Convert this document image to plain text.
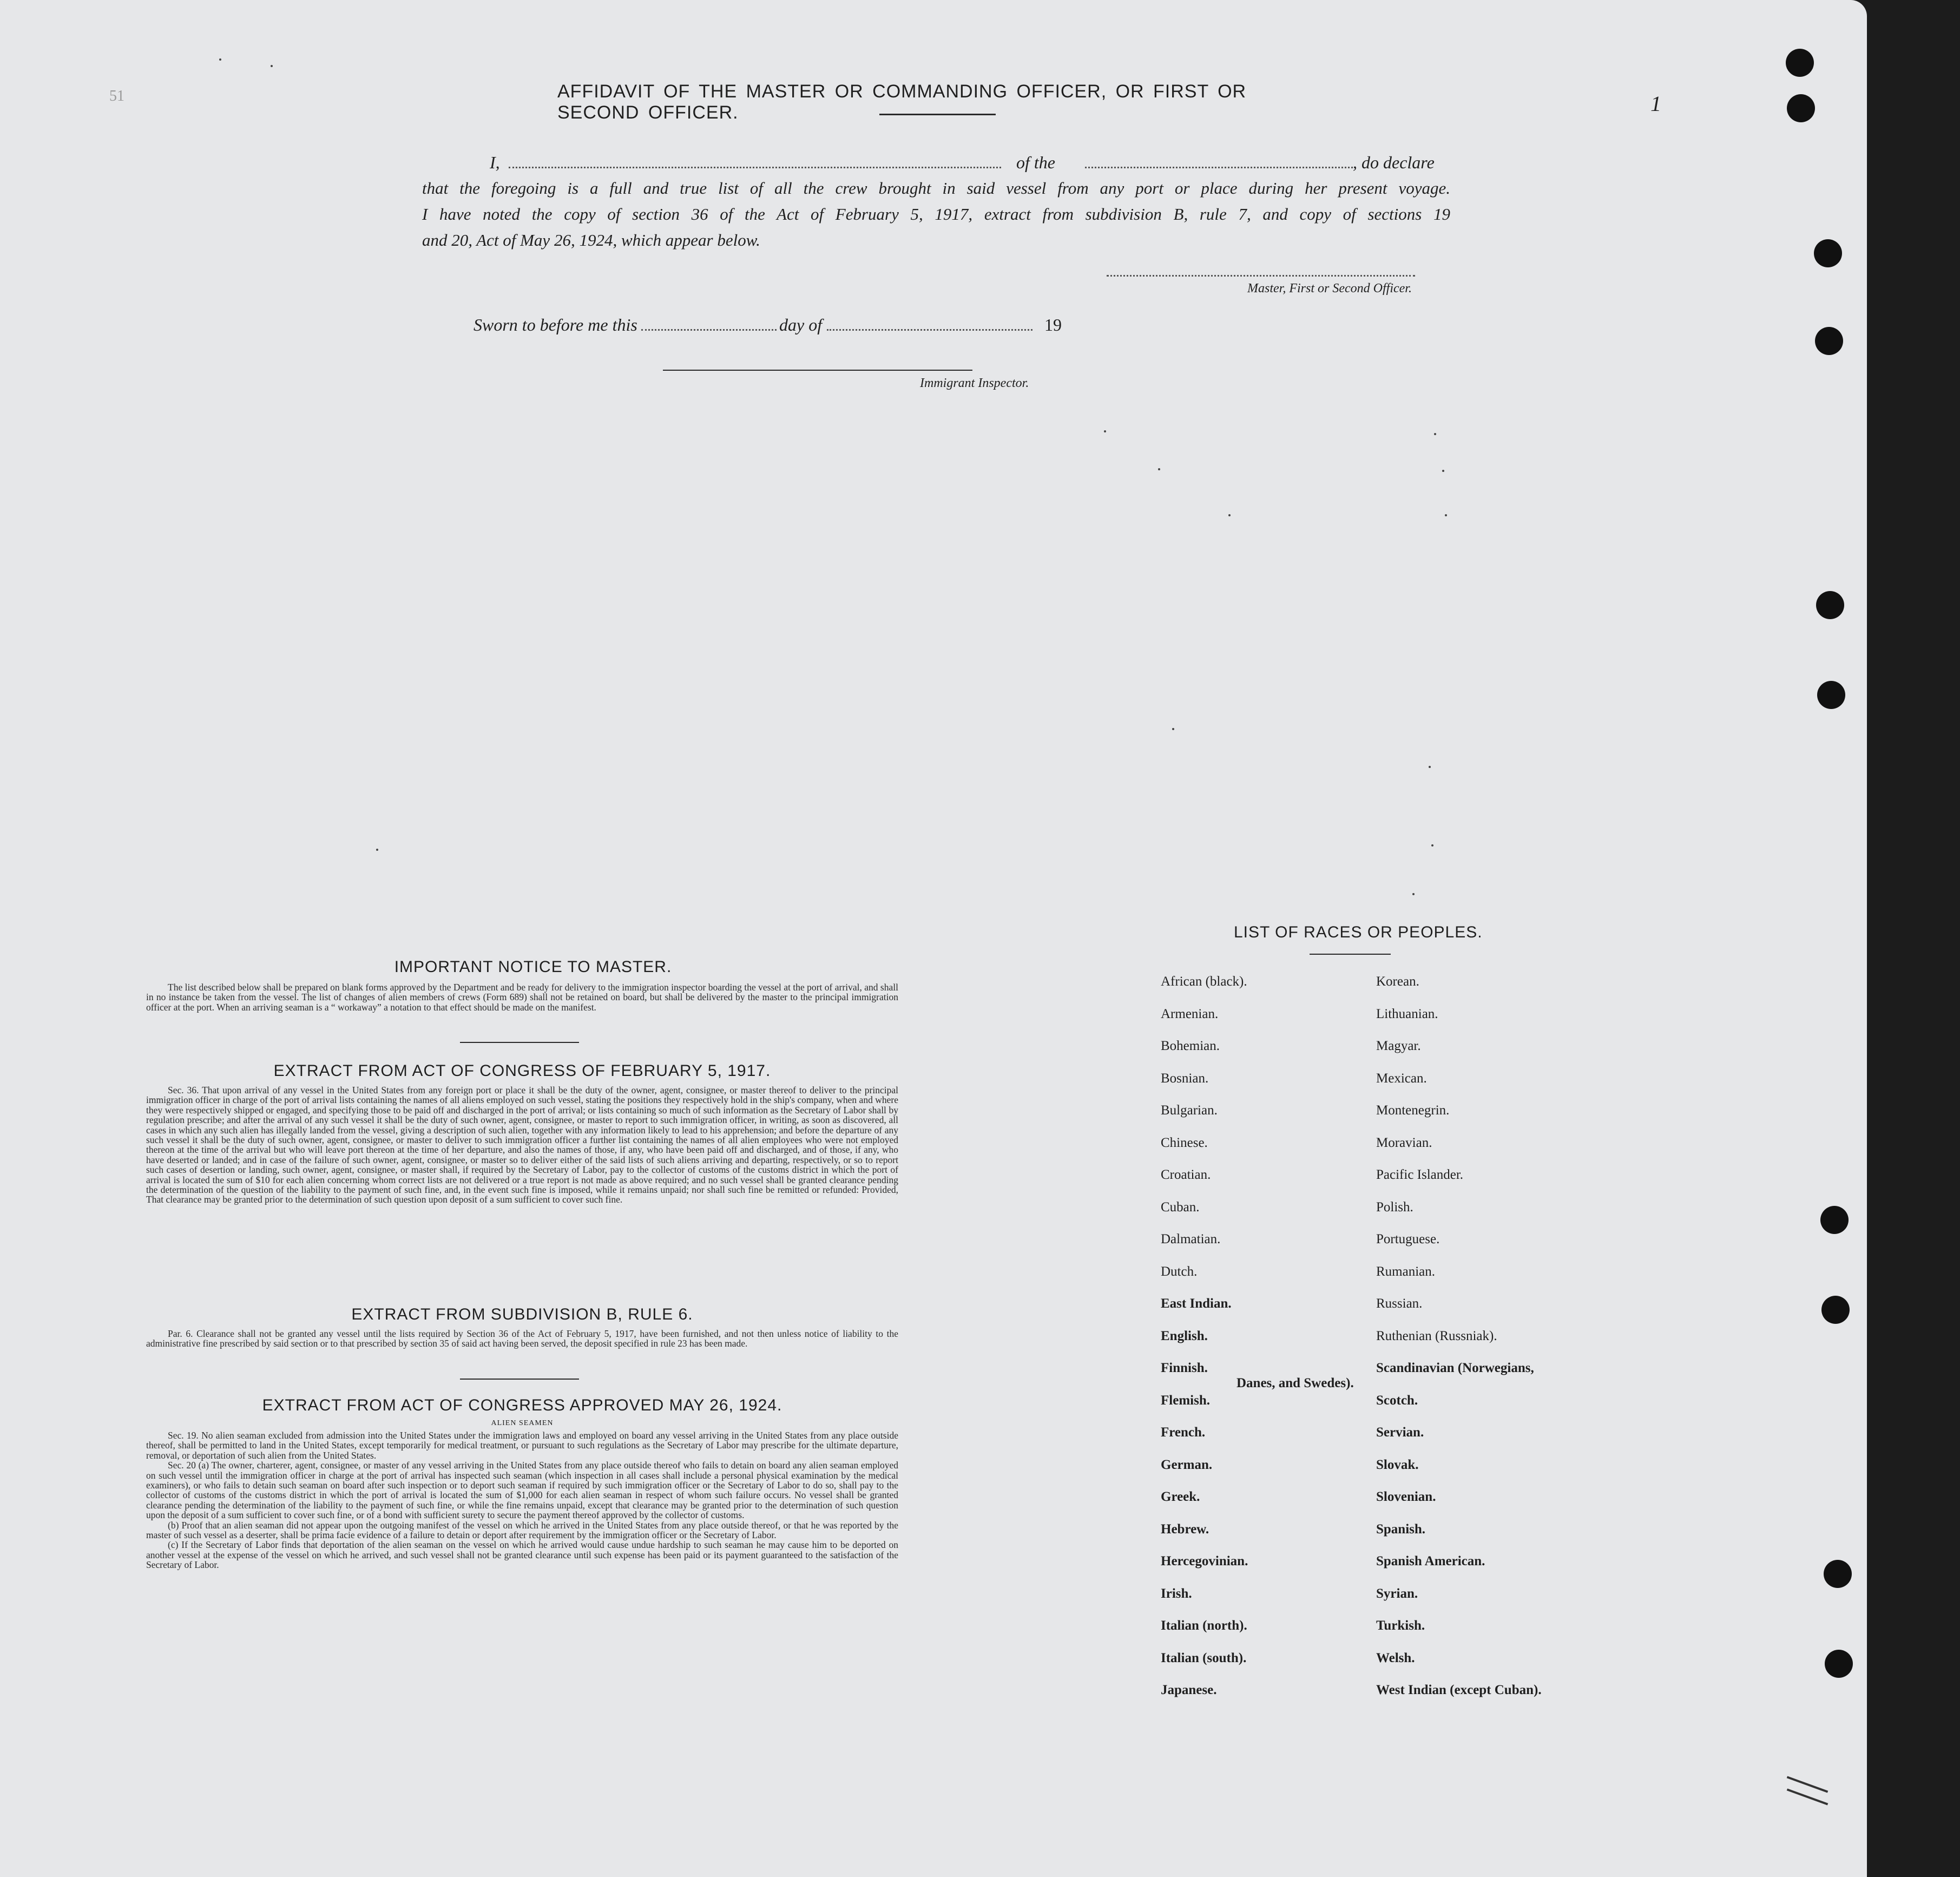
51	1
AFFIDAVIT OF THE MASTER OR COMMANDING OFFICER, OR FIRST OR SECOND OFFICER.
I,	of the	, do declare
that the foregoing is a full and true list of all the crew brought in said vessel from any port or place during her present voyage.
I have noted the copy of section 36 of the Act of February 5, 1917, extract from subdivision B, rule 7, and copy of sections 19
and 20, Act of May 26, 1924, which appear below.
Master, First or Second Officer.
Sworn to before me this	day of	19
Immigrant Inspector.
IMPORTANT NOTICE TO MASTER.

The list described below shall be prepared on blank forms approved by the Department and be ready for delivery to the immigration inspector boarding the vessel at the port of arrival, and shall in no instance be taken from the vessel. The list of changes of alien members of crews (Form 689) shall not be retained on board, but shall be delivered by the master to the principal immigration officer at the port. When an arriving seaman is a “ workaway” a notation to that effect should be made on the manifest.

EXTRACT FROM ACT OF CONGRESS OF FEBRUARY 5, 1917.

Sec. 36. That upon arrival of any vessel in the United States from any foreign port or place it shall be the duty of the owner, agent, consignee, or master thereof to deliver to the principal immigration officer in charge of the port of arrival lists containing the names of all aliens employed on such vessel, stating the positions they respectively hold in the ship's company, when and where they were respectively shipped or engaged, and specifying those to be paid off and discharged in the port of arrival; or lists containing so much of such information as the Secretary of Labor shall by regulation prescribe; and after the arrival of any such vessel it shall be the duty of such owner, agent, consignee, or master to report to such immigration officer, in writing, as soon as discovered, all cases in which any such alien has illegally landed from the vessel, giving a description of such alien, together with any information likely to lead to his apprehension; and before the departure of any such vessel it shall be the duty of such owner, agent, consignee, or master to deliver to such immigration officer a further list containing the names of all alien employees who were not employed thereon at the time of the arrival but who will leave port thereon at the time of her departure, and also the names of those, if any, who have been paid off and discharged, and of those, if any, who have deserted or landed; and in case of the failure of such owner, agent, consignee, or master so to deliver either of the said lists of such aliens arriving and departing, respectively, or so to report such cases of desertion or landing, such owner, agent, consignee, or master shall, if required by the Secretary of Labor, pay to the collector of customs of the customs district in which the port of arrival is located the sum of $10 for each alien concerning whom correct lists are not delivered or a true report is not made as above required; and no such vessel shall be granted clearance pending the determination of the question of the liability to the payment of such fine, and, in the event such fine is imposed, while it remains unpaid; nor shall such fine be remitted or refunded: Provided, That clearance may be granted prior to the determination of such question upon deposit of a sum sufficient to cover such fine.

EXTRACT FROM SUBDIVISION B, RULE 6.

Par. 6. Clearance shall not be granted any vessel until the lists required by Section 36 of the Act of February 5, 1917, have been furnished, and not then unless notice of liability to the administrative fine prescribed by said section or to that prescribed by section 35 of said act having been served, the deposit specified in rule 23 has been made.

EXTRACT FROM ACT OF CONGRESS APPROVED MAY 26, 1924.
ALIEN SEAMEN

Sec. 19. No alien seaman excluded from admission into the United States under the immigration laws and employed on board any vessel arriving in the United States from any place outside thereof, shall be permitted to land in the United States, except temporarily for medical treatment, or pursuant to such regulations as the Secretary of Labor may prescribe for the ultimate departure, removal, or deportation of such alien from the United States.

Sec. 20 (a) The owner, charterer, agent, consignee, or master of any vessel arriving in the United States from any place outside thereof who fails to detain on board any alien seaman employed on such vessel until the immigration officer in charge at the port of arrival has inspected such seaman (which inspection in all cases shall include a personal physical examination by the medical examiners), or who fails to detain such seaman on board after such inspection or to deport such seaman if required by such immigration officer or the Secretary of Labor to do so, shall pay to the collector of customs of the customs district in which the port of arrival is located the sum of $1,000 for each alien seaman in respect of whom such failure occurs. No vessel shall be granted clearance pending the determination of the liability to the payment of such fine, or while the fine remains unpaid, except that clearance may be granted prior to the determination of such question upon the deposit of a sum sufficient to cover such fine, or of a bond with sufficient surety to secure the payment thereof approved by the collector of customs.

(b) Proof that an alien seaman did not appear upon the outgoing manifest of the vessel on which he arrived in the United States from any place outside thereof, or that he was reported by the master of such vessel as a deserter, shall be prima facie evidence of a failure to detain or deport after requirement by the immigration officer or the Secretary of Labor.

(c) If the Secretary of Labor finds that deportation of the alien seaman on the vessel on which he arrived would cause undue hardship to such seaman he may cause him to be deported on another vessel at the expense of the vessel on which he arrived, and such vessel shall not be granted clearance until such expense has been paid or its payment guaranteed to the satisfaction of the Secretary of Labor.

LIST OF RACES OR PEOPLES.
African (black).
Armenian.
Bohemian.
Bosnian.
Bulgarian.
Chinese.
Croatian.
Cuban.
Dalmatian.
Dutch.
East Indian.
English.
Finnish.
Flemish.
French.
German.
Greek.
Hebrew.
Hercegovinian.
Irish.
Italian (north).
Italian (south).
Japanese.
Korean.
Lithuanian.
Magyar.
Mexican.
Montenegrin.
Moravian.
Pacific Islander.
Polish.
Portuguese.
Rumanian.
Russian.
Ruthenian (Russniak).
Scandinavian (Norwegians,
Danes, and Swedes).
Scotch.
Servian.
Slovak.
Slovenian.
Spanish.
Spanish American.
Syrian.
Turkish.
Welsh.
West Indian (except Cuban).
